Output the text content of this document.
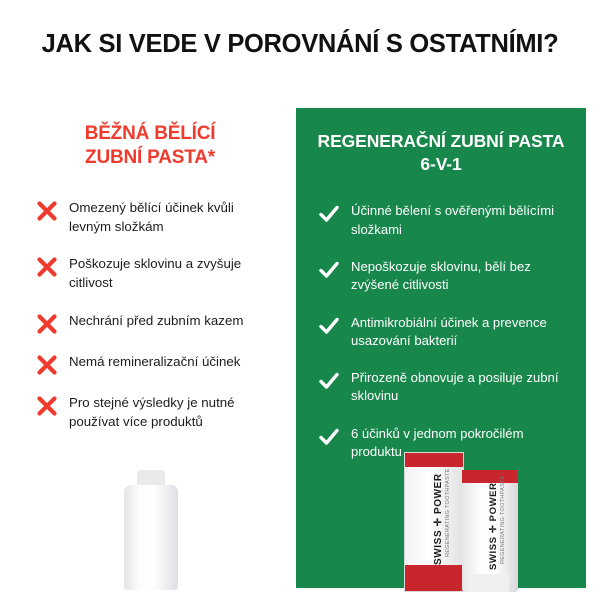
JAK SI VEDE V POROVNÁNÍ S OSTATNÍMI?
BĚŽNÁ BĚLÍCÍ
ZUBNÍ PASTA*
Omezený bělící účinek kvůli levným složkám
Poškozuje sklovinu a zvyšuje citlivost
Nechrání před zubním kazem
Nemá remineralizační účinek
Pro stejné výsledky je nutné používat více produktů
REGENERAČNÍ ZUBNÍ PASTA
6-V-1
Účinné bělení s ověřenými bělícími složkami
Nepoškozuje sklovinu, bělí bez zvýšené citlivosti
Antimikrobiální účinek a prevence usazování bakterií
Přirozeně obnovuje a posiluje zubní sklovinu
6 účinků v jednom pokročilém produktu
SWISS ✛ POWER REGENERATING TOOTHPASTE	SWISS ✛ POWER REGENERATING TOOTHPASTE
